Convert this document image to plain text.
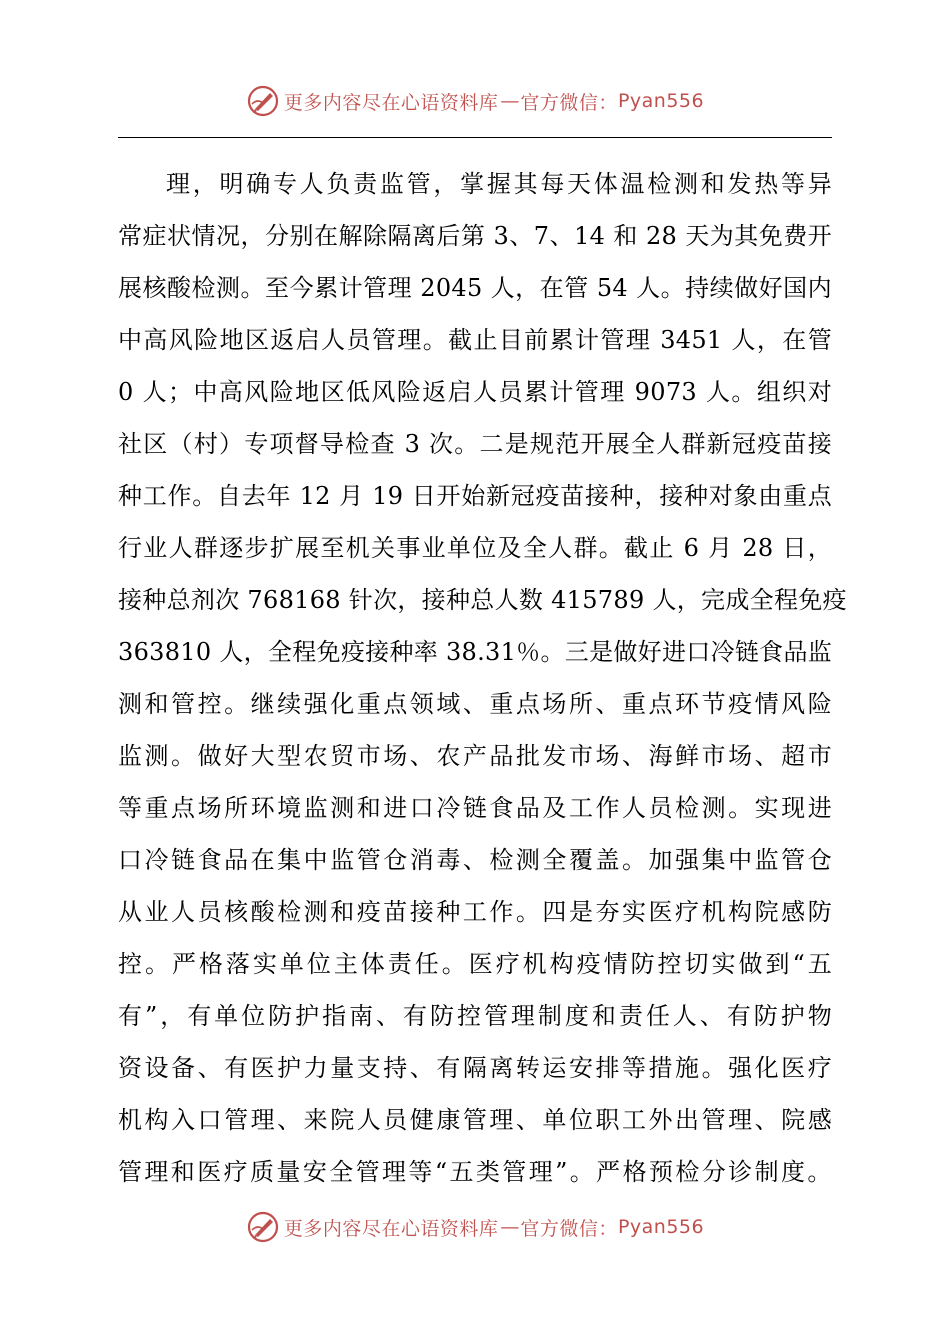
更多内容尽在心语资料库 — 官方微信： Pyan556
理，明确专人负责监管，掌握其每天体温检测和发热等异
常症状情况，分别在解除隔离后第 3、7、14 和 28 天为其免费开
展核酸检测。至今累计管理 2045 人，在管 54 人。持续做好国内
中高风险地区返启人员管理。截止目前累计管理 3451 人，在管
0 人；中高风险地区低风险返启人员累计管理 9073 人。组织对
社区（村）专项督导检查 3 次。二是规范开展全人群新冠疫苗接
种工作。自去年 12 月 19 日开始新冠疫苗接种，接种对象由重点
行业人群逐步扩展至机关事业单位及全人群。截止 6 月 28 日，
接种总剂次 768168 针次，接种总人数 415789 人，完成全程免疫
363810 人，全程免疫接种率 38.31％。三是做好进口冷链食品监
测和管控。继续强化重点领域、重点场所、重点环节疫情风险
监测。做好大型农贸市场、农产品批发市场、海鲜市场、超市
等重点场所环境监测和进口冷链食品及工作人员检测。实现进
口冷链食品在集中监管仓消毒、检测全覆盖。加强集中监管仓
从业人员核酸检测和疫苗接种工作。四是夯实医疗机构院感防
控。严格落实单位主体责任。医疗机构疫情防控切实做到“五
有”，有单位防护指南、有防控管理制度和责任人、有防护物
资设备、有医护力量支持、有隔离转运安排等措施。强化医疗
机构入口管理、来院人员健康管理、单位职工外出管理、院感
管理和医疗质量安全管理等“五类管理”。严格预检分诊制度。
更多内容尽在心语资料库 — 官方微信： Pyan556
